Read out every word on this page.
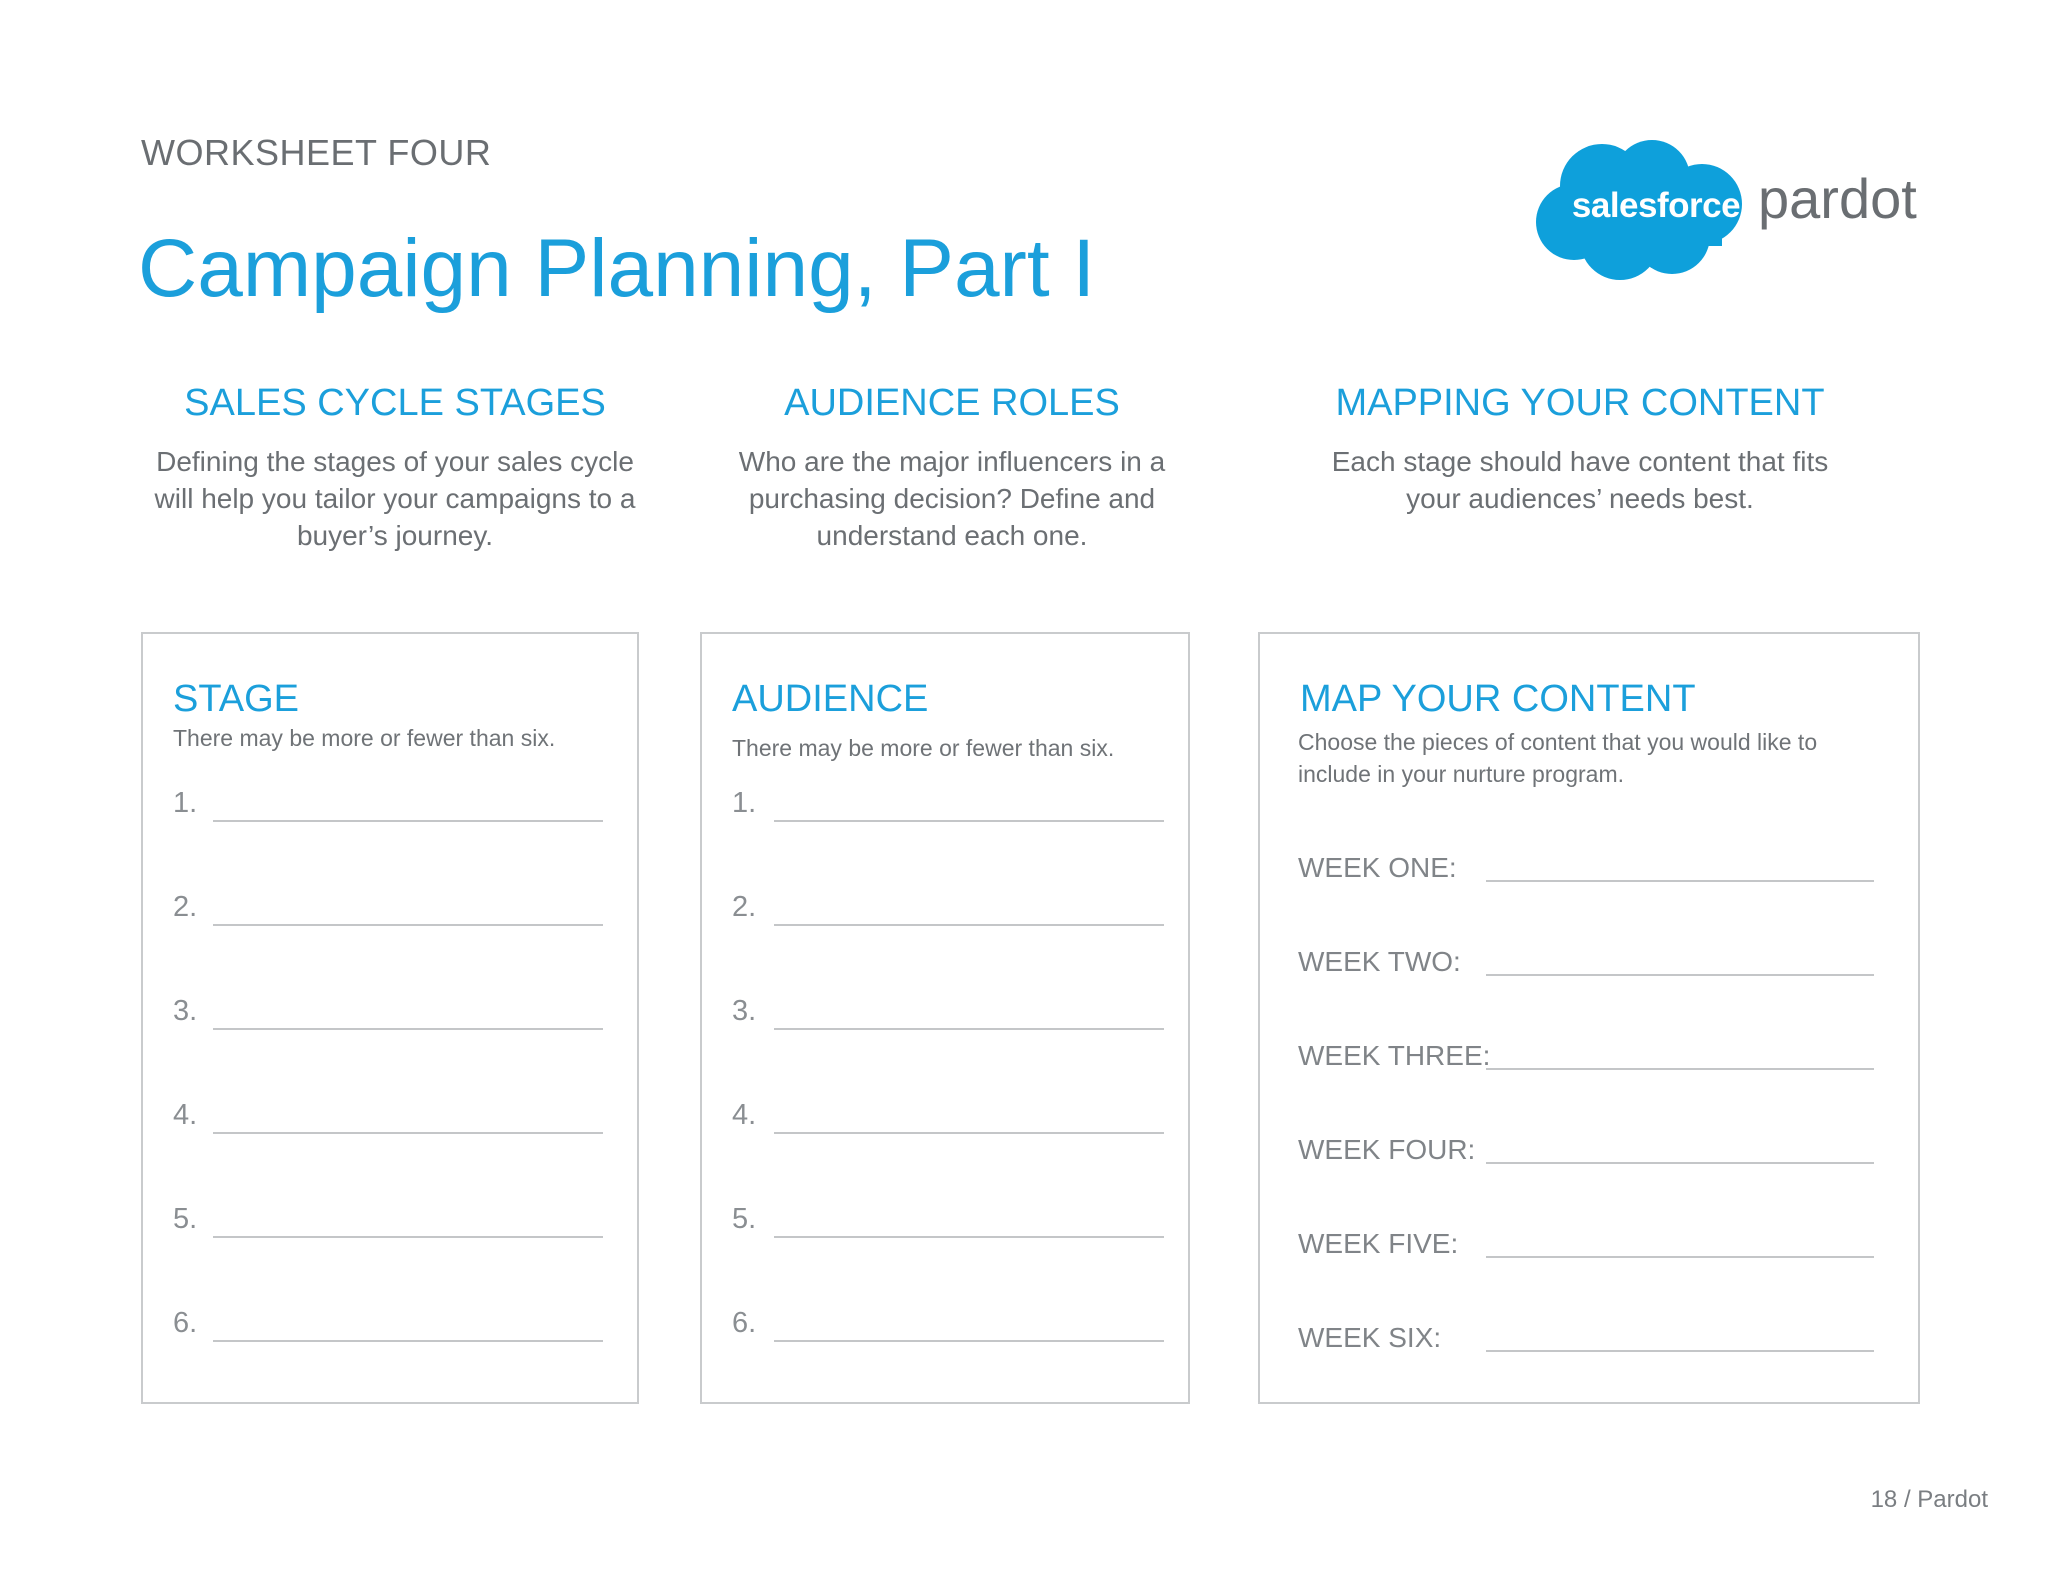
WORKSHEET FOUR
Campaign Planning, Part I
salesforce pardot
SALES CYCLE STAGES

Defining the stages of your sales cycle will help you tailor your campaigns to a buyer’s journey.

AUDIENCE ROLES

Who are the major influencers in a purchasing decision? Define and understand each one.

MAPPING YOUR CONTENT

Each stage should have content that fits your audiences’ needs best.

STAGE
There may be more or fewer than six.
1.
2.
3.
4.
5.
6.
AUDIENCE
There may be more or fewer than six.
1.
2.
3.
4.
5.
6.
MAP YOUR CONTENT
Choose the pieces of content that you would like to include in your nurture program.
WEEK ONE:
WEEK TWO:
WEEK THREE:
WEEK FOUR:
WEEK FIVE:
WEEK SIX:
18 / Pardot
